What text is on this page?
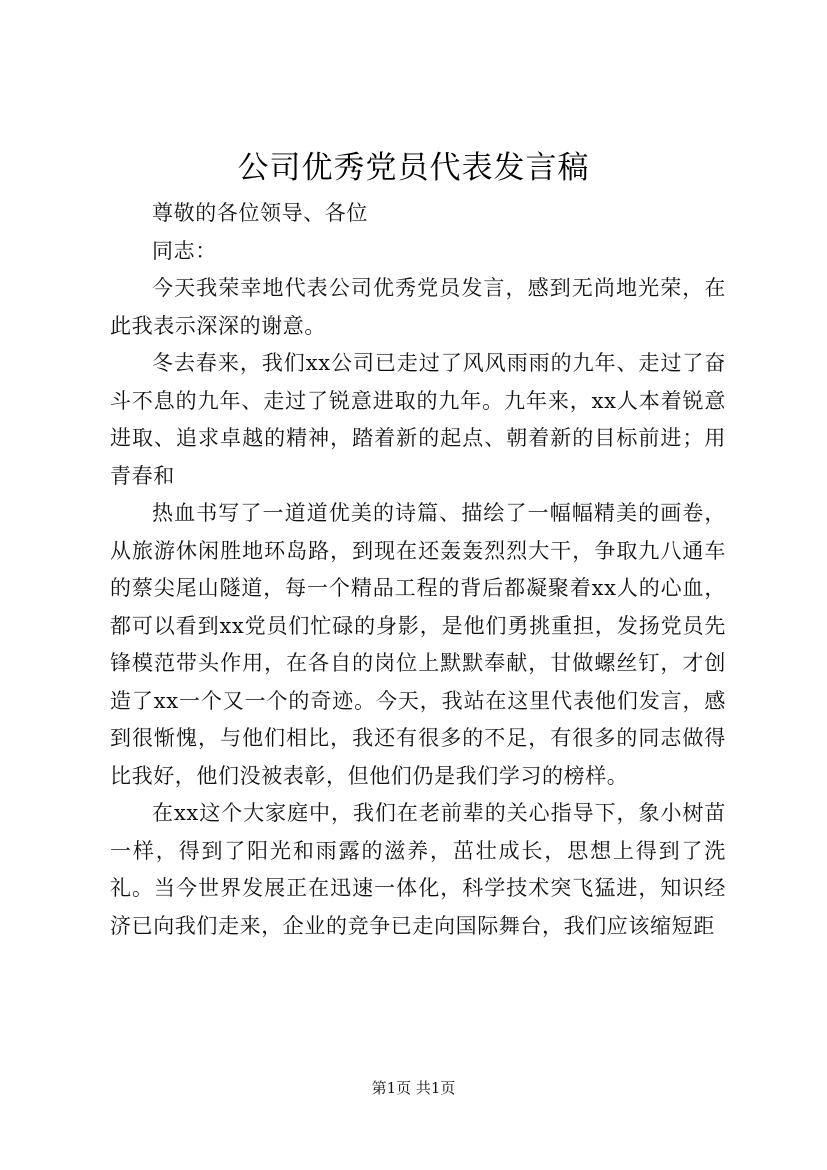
公司优秀党员代表发言稿

尊敬的各位领导、各位

同志：

今天我荣幸地代表公司优秀党员发言，感到无尚地光荣，在此我表示深深的谢意。

冬去春来，我们xx公司已走过了风风雨雨的九年、走过了奋斗不息的九年、走过了锐意进取的九年。九年来，xx人本着锐意进取、追求卓越的精神，踏着新的起点、朝着新的目标前进；用青春和

热血书写了一道道优美的诗篇、描绘了一幅幅精美的画卷，从旅游休闲胜地环岛路，到现在还轰轰烈烈大干，争取九八通车的蔡尖尾山隧道，每一个精品工程的背后都凝聚着xx人的心血，都可以看到xx党员们忙碌的身影，是他们勇挑重担，发扬党员先锋模范带头作用，在各自的岗位上默默奉献，甘做螺丝钉，才创造了xx一个又一个的奇迹。今天，我站在这里代表他们发言，感到很惭愧，与他们相比，我还有很多的不足，有很多的同志做得比我好，他们没被表彰，但他们仍是我们学习的榜样。

在xx这个大家庭中，我们在老前辈的关心指导下，象小树苗一样，得到了阳光和雨露的滋养，茁壮成长，思想上得到了洗礼。当今世界发展正在迅速一体化，科学技术突飞猛进，知识经济已向我们走来，企业的竞争已走向国际舞台，我们应该缩短距

第1页 共1页
